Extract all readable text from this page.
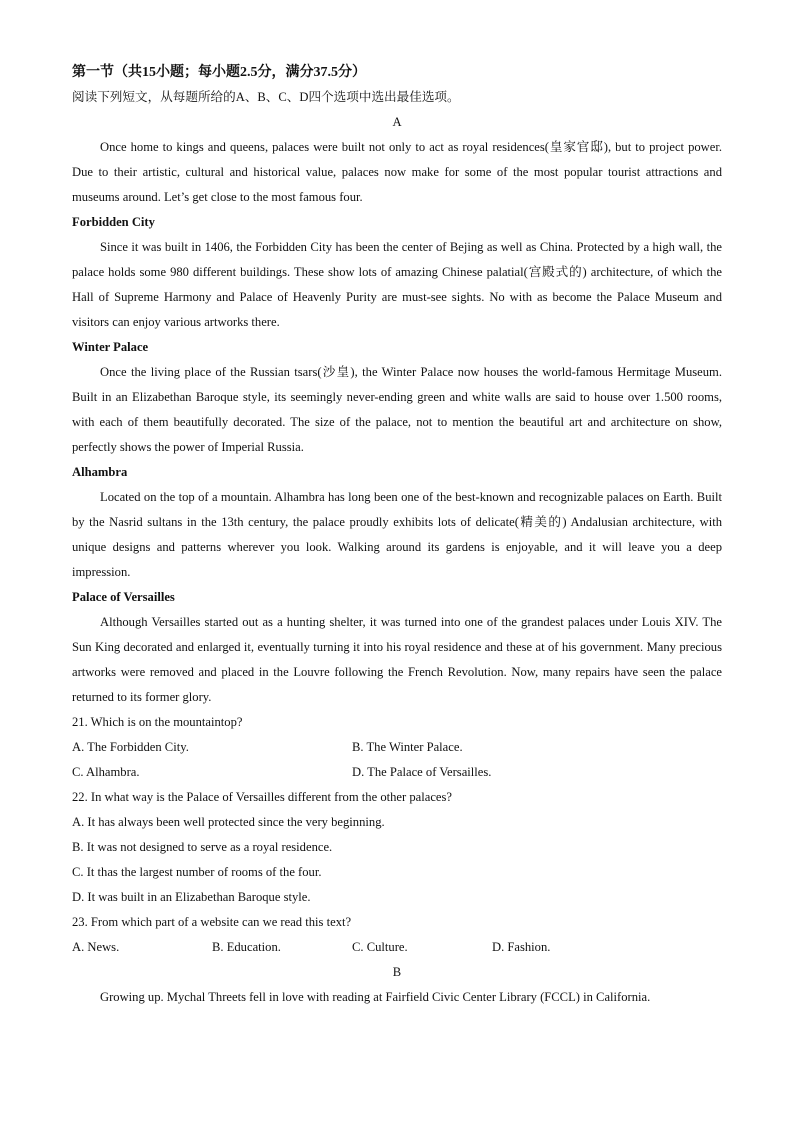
第一节（共15小题；每小题2.5分，满分37.5分）
阅读下列短文，从每题所给的A、B、C、D四个选项中选出最佳选项。
A

Once home to kings and queens, palaces were built not only to act as royal residences(皇家官邸), but to project power. Due to their artistic, cultural and historical value, palaces now make for some of the most popular tourist attractions and museums around. Let’s get close to the most famous four.

Forbidden City

Since it was built in 1406, the Forbidden City has been the center of Bejing as well as China. Protected by a high wall, the palace holds some 980 different buildings. These show lots of amazing Chinese palatial(宫殿式的) architecture, of which the Hall of Supreme Harmony and Palace of Heavenly Purity are must-see sights. No with as become the Palace Museum and visitors can enjoy various artworks there.

Winter Palace

Once the living place of the Russian tsars(沙皇), the Winter Palace now houses the world-famous Hermitage Museum. Built in an Elizabethan Baroque style, its seemingly never-ending green and white walls are said to house over 1.500 rooms, with each of them beautifully decorated. The size of the palace, not to mention the beautiful art and architecture on show, perfectly shows the power of Imperial Russia.

Alhambra

Located on the top of a mountain. Alhambra has long been one of the best-known and recognizable palaces on Earth. Built by the Nasrid sultans in the 13th century, the palace proudly exhibits lots of delicate(精美的) Andalusian architecture, with unique designs and patterns wherever you look. Walking around its gardens is enjoyable, and it will leave you a deep impression.

Palace of Versailles

Although Versailles started out as a hunting shelter, it was turned into one of the grandest palaces under Louis XIV. The Sun King decorated and enlarged it, eventually turning it into his royal residence and these at of his government. Many precious artworks were removed and placed in the Louvre following the French Revolution. Now, many repairs have seen the palace returned to its former glory.

21. Which is on the mountaintop?
A. The Forbidden City.	B. The Winter Palace.
C. Alhambra.	D. The Palace of Versailles.
22. In what way is the Palace of Versailles different from the other palaces?
A. It has always been well protected since the very beginning.
B. It was not designed to serve as a royal residence.
C. It thas the largest number of rooms of the four.
D. It was built in an Elizabethan Baroque style.
23. From which part of a website can we read this text?
A. News.	B. Education.	C. Culture.	D. Fashion.
B

Growing up. Mychal Threets fell in love with reading at Fairfield Civic Center Library (FCCL) in California.
